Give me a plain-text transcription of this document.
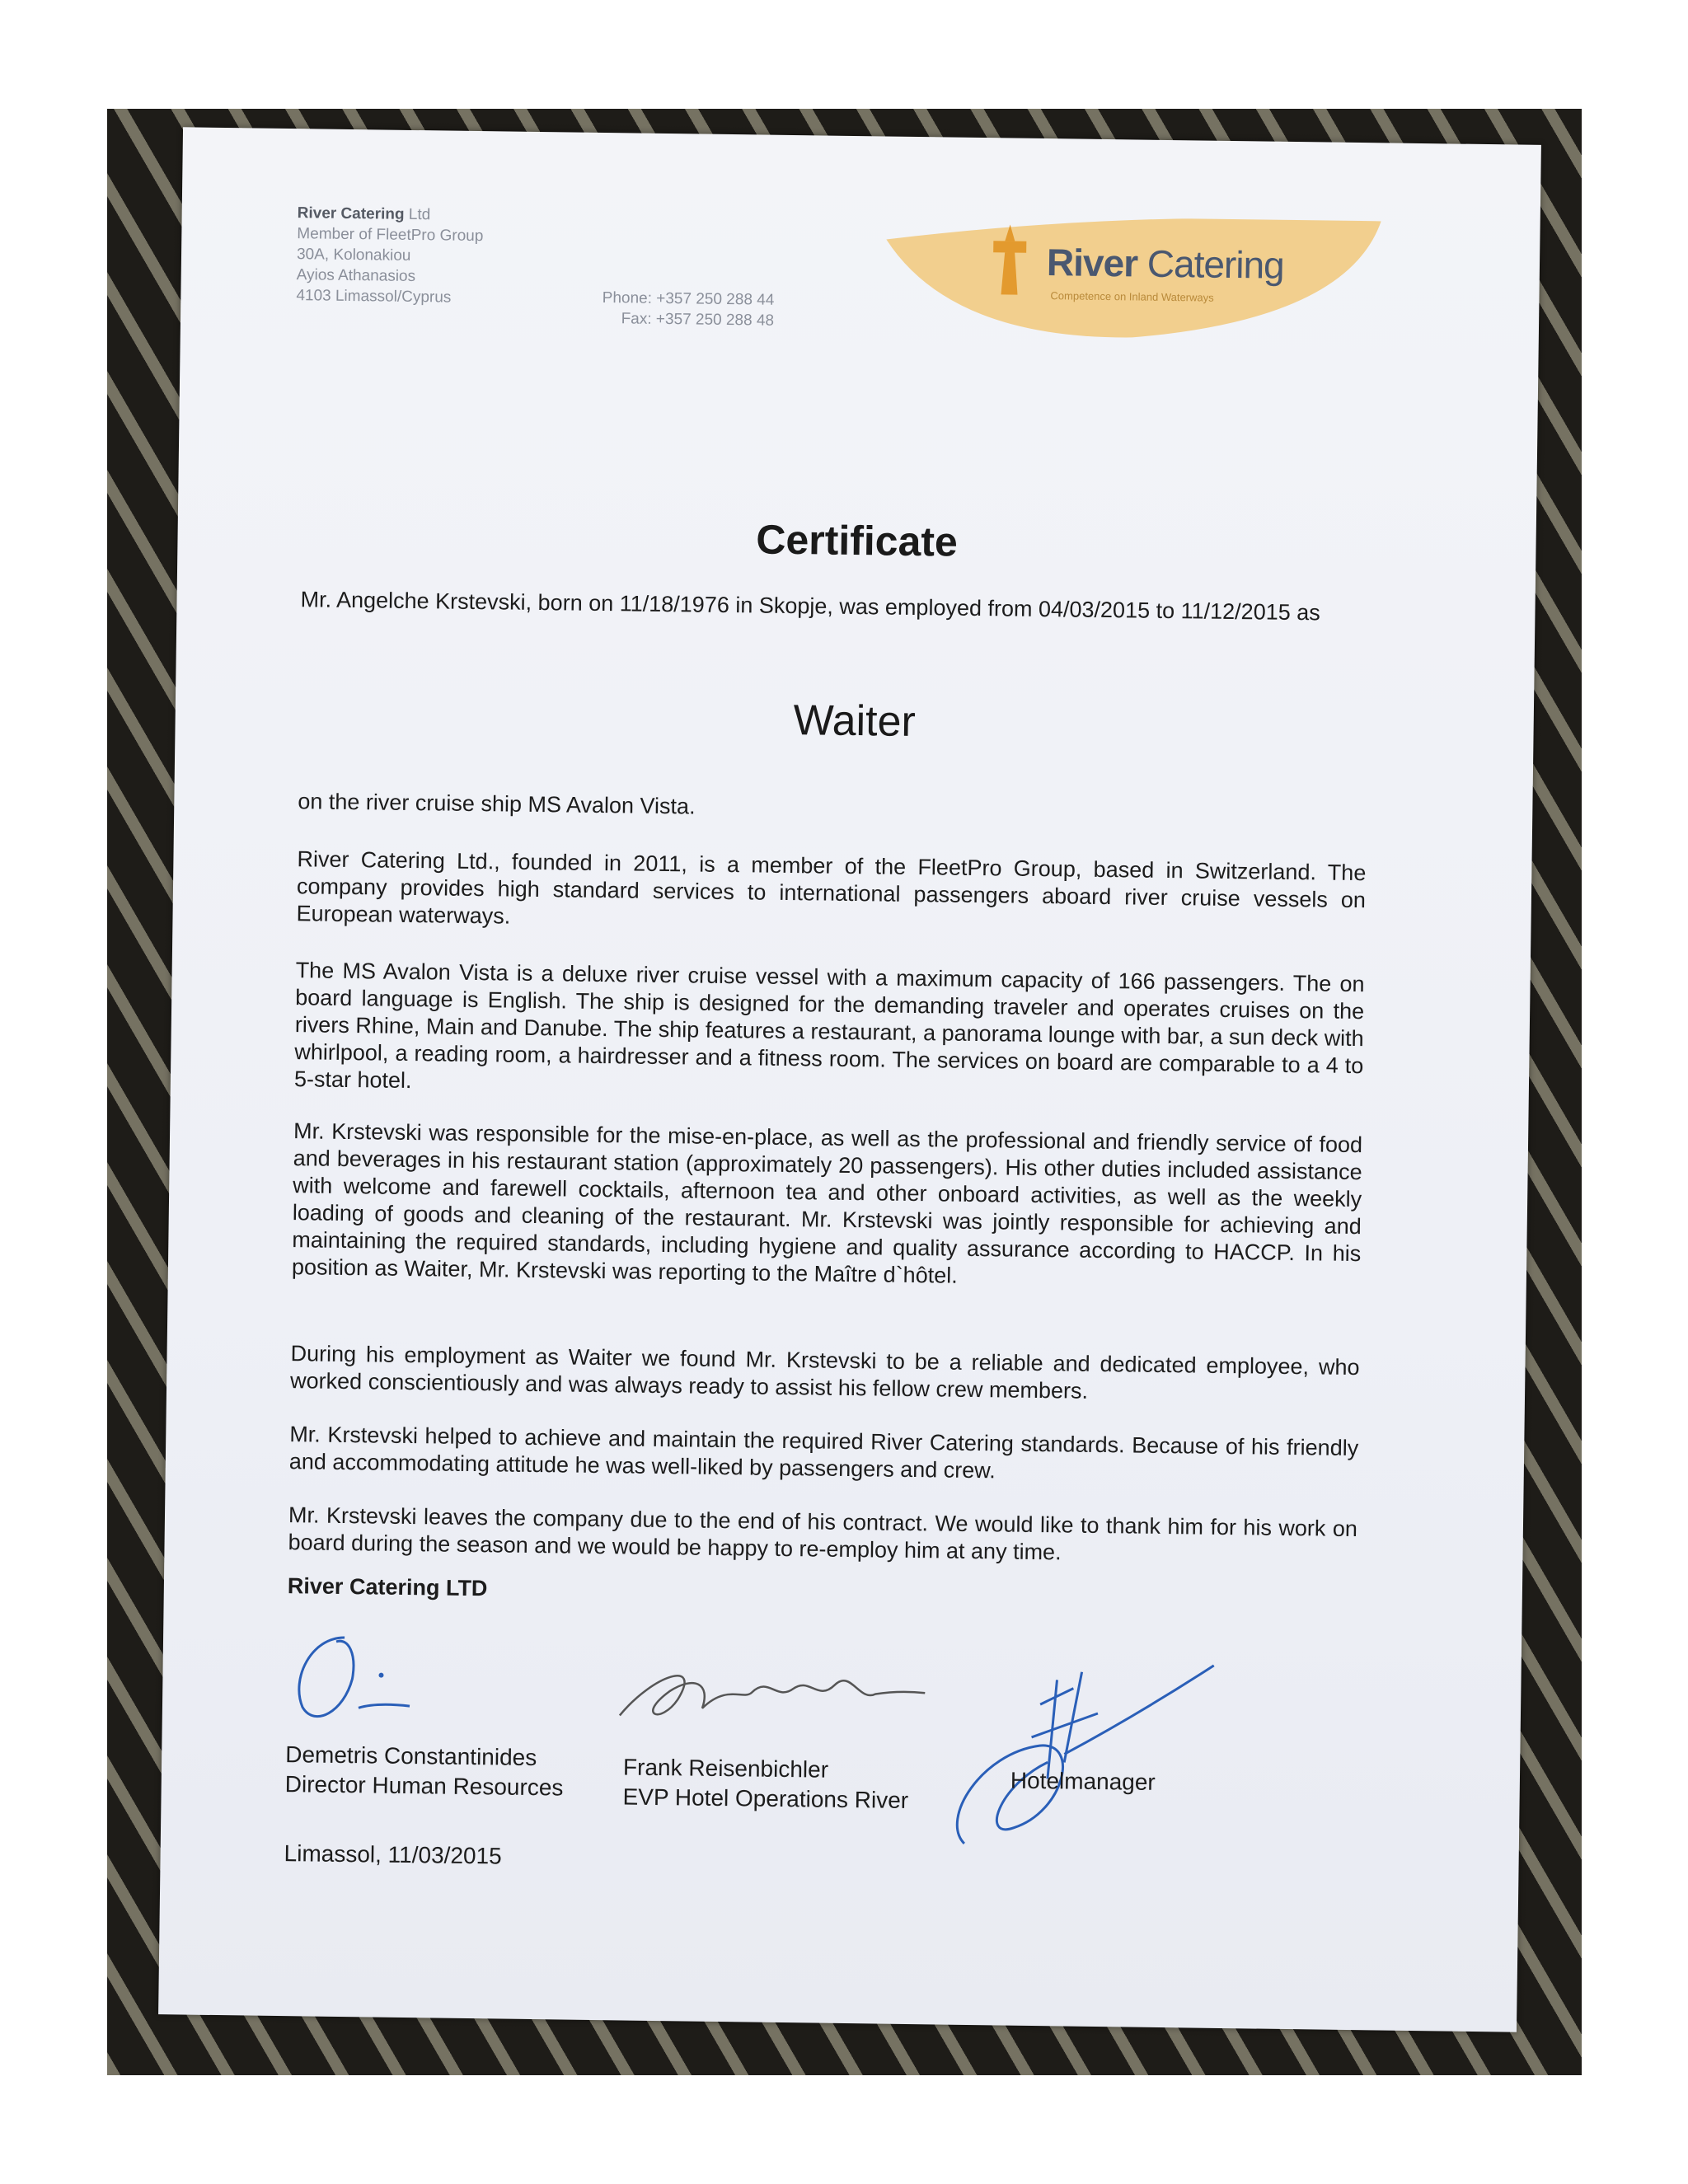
River Catering Ltd
Member of FleetPro Group
30A, Kolonakiou
Ayios Athanasios
4103 Limassol/Cyprus	Phone: +357 250 288 44
Fax: +357 250 288 48
River Catering
Competence on Inland Waterways
Certificate
Mr. Angelche Krstevski, born on 11/18/1976 in Skopje, was employed from 04/03/2015 to 11/12/2015 as
Waiter
on the river cruise ship MS Avalon Vista.
River Catering Ltd., founded in 2011, is a member of the FleetPro Group, based in Switzerland. The company provides high standard services to international passengers aboard river cruise vessels on European waterways.
The MS Avalon Vista is a deluxe river cruise vessel with a maximum capacity of 166 passengers. The on board language is English. The ship is designed for the demanding traveler and operates cruises on the rivers Rhine, Main and Danube. The ship features a restaurant, a panorama lounge with bar, a sun deck with whirlpool, a reading room, a hairdresser and a fitness room. The services on board are comparable to a 4 to 5-star hotel.
Mr. Krstevski was responsible for the mise-en-place, as well as the professional and friendly service of food and beverages in his restaurant station (approximately 20 passengers). His other duties included assistance with welcome and farewell cocktails, afternoon tea and other onboard activities, as well as the weekly loading of goods and cleaning of the restaurant. Mr. Krstevski was jointly responsible for achieving and maintaining the required standards, including hygiene and quality assurance according to HACCP. In his position as Waiter, Mr. Krstevski was reporting to the Maître d`hôtel.
During his employment as Waiter we found Mr. Krstevski to be a reliable and dedicated employee, who worked conscientiously and was always ready to assist his fellow crew members.
Mr. Krstevski helped to achieve and maintain the required River Catering standards. Because of his friendly and accommodating attitude he was well-liked by passengers and crew.
Mr. Krstevski leaves the company due to the end of his contract. We would like to thank him for his work on board during the season and we would be happy to re-employ him at any time.
River Catering LTD
Demetris Constantinides
Director Human Resources
Frank Reisenbichler
EVP Hotel Operations River
Hotelmanager
Limassol, 11/03/2015
